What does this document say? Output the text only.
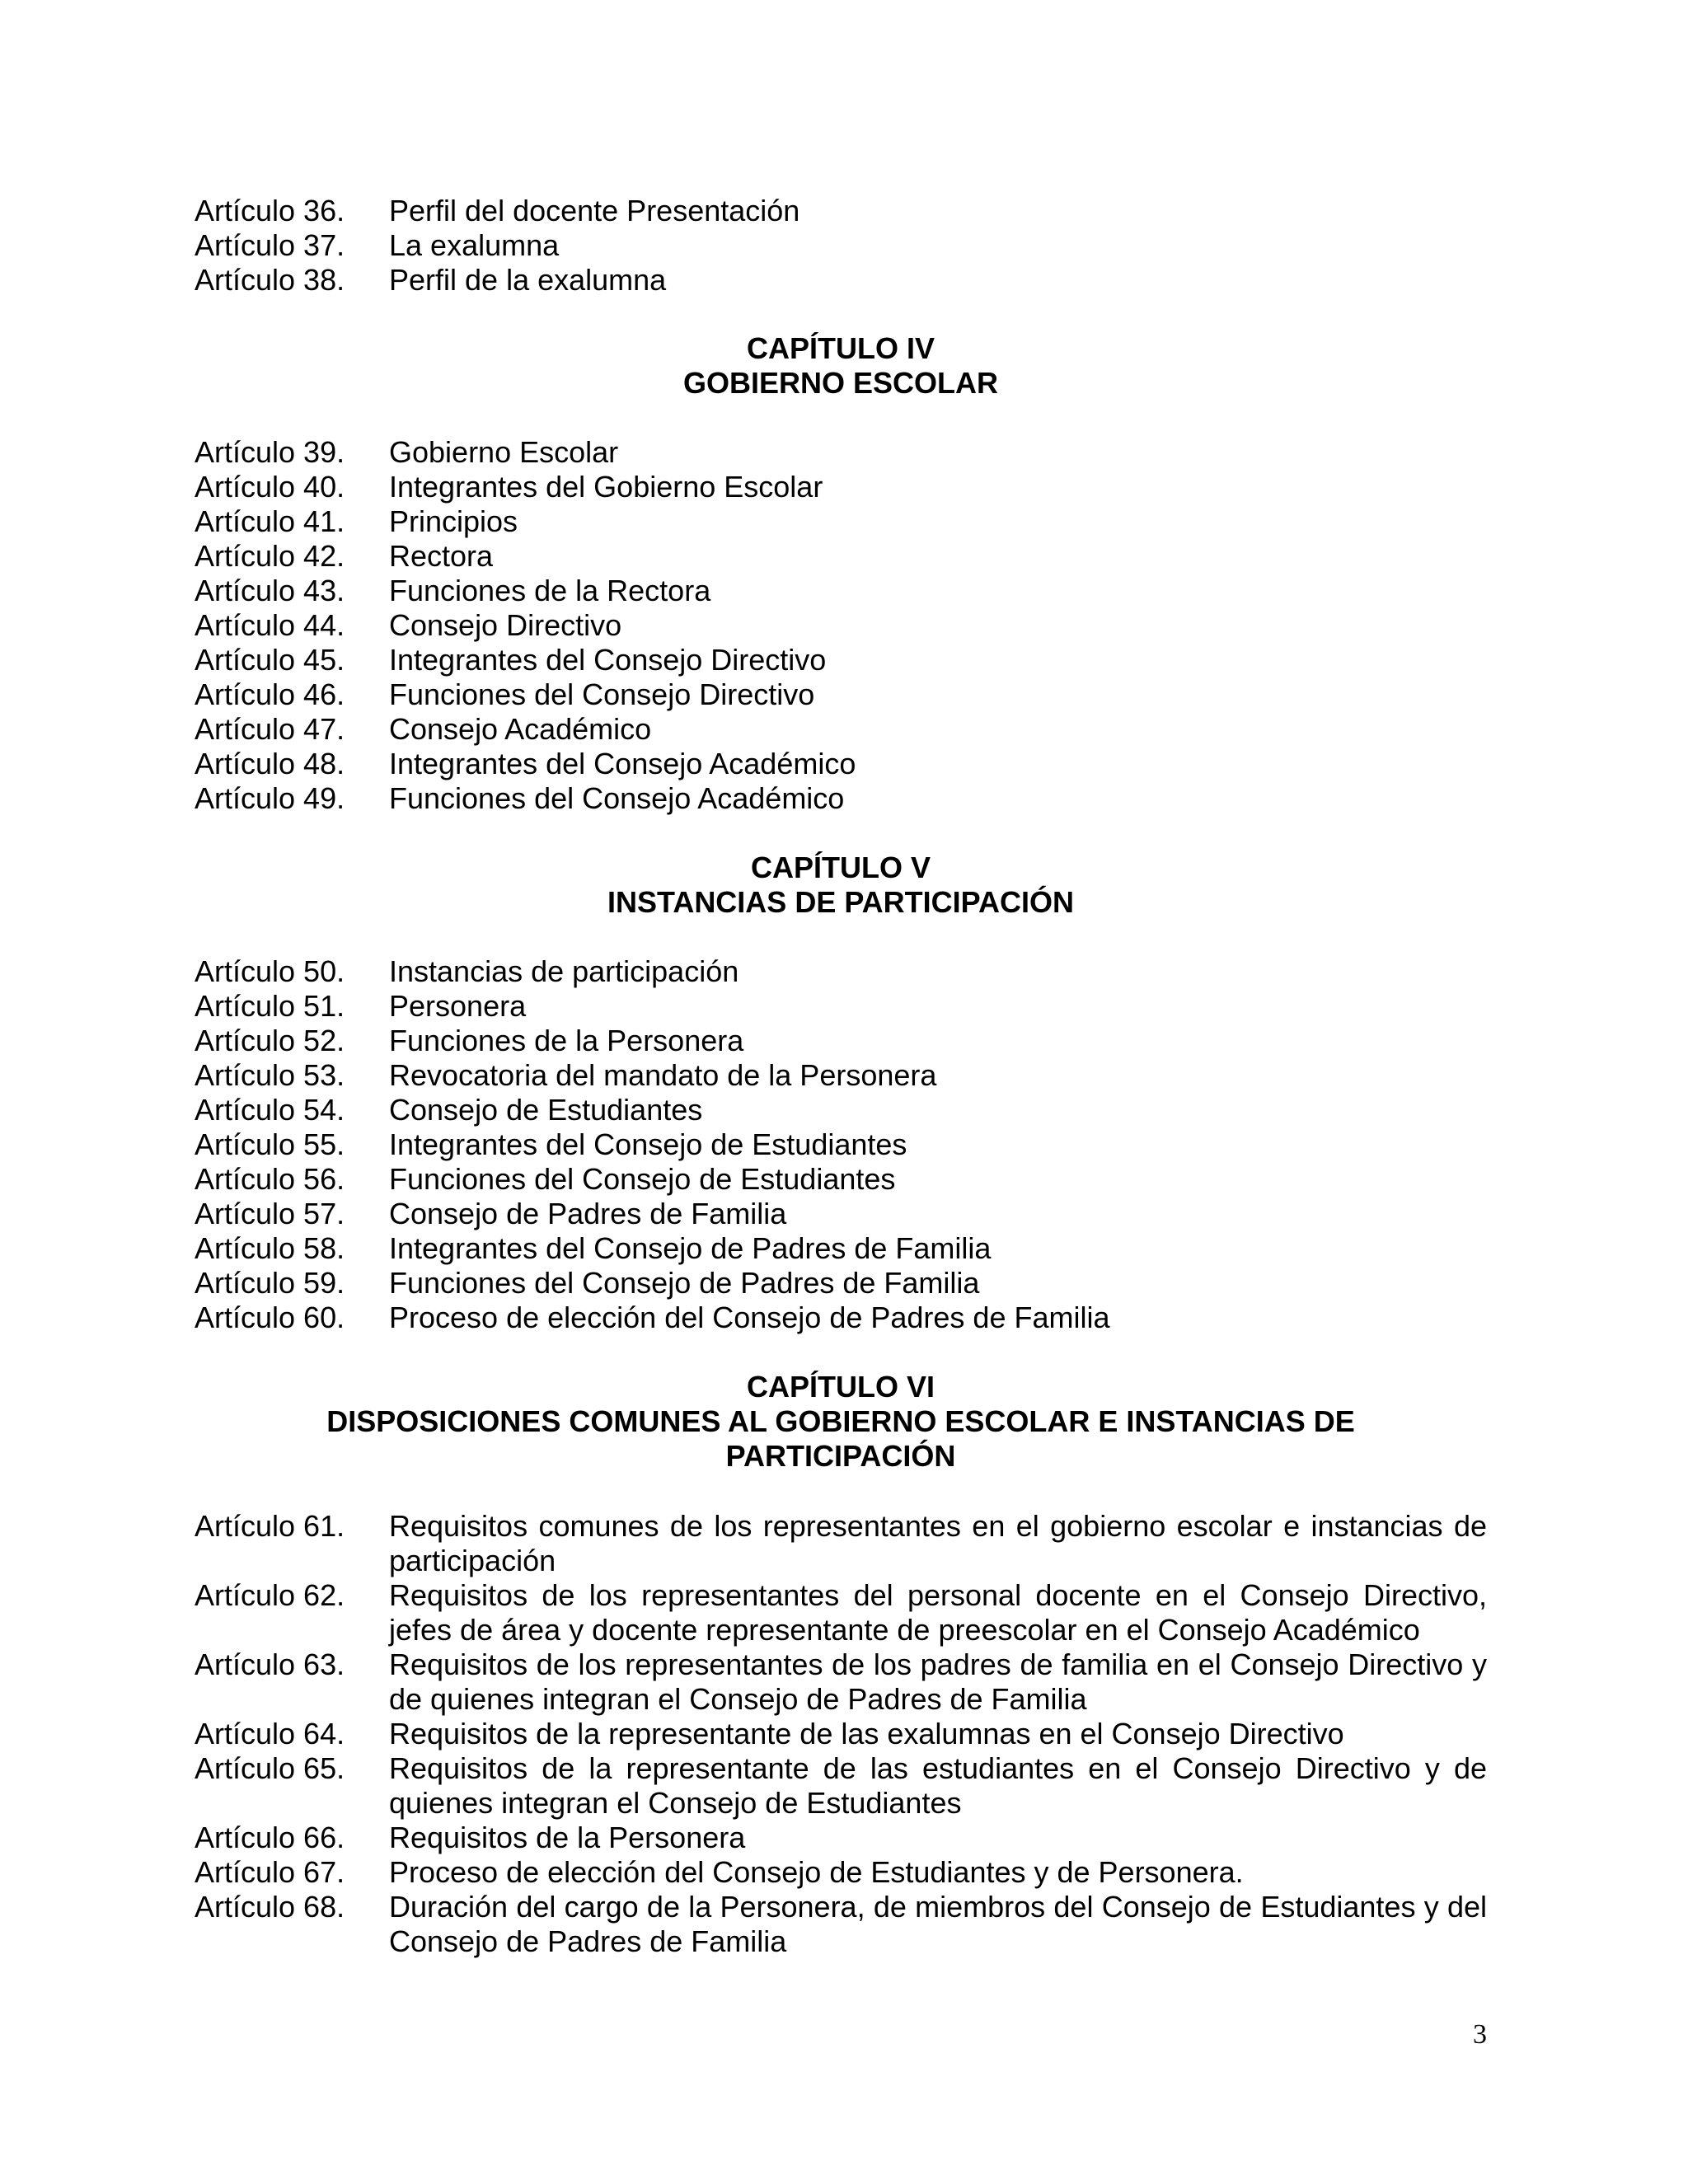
Artículo 36.	Perfil del docente Presentación
Artículo 37.	La exalumna
Artículo 38.	Perfil de la exalumna
CAPÍTULO IV
GOBIERNO ESCOLAR
Artículo 39.	Gobierno Escolar
Artículo 40.	Integrantes del Gobierno Escolar
Artículo 41.	Principios
Artículo 42.	Rectora
Artículo 43.	Funciones de la Rectora
Artículo 44.	Consejo Directivo
Artículo 45.	Integrantes del Consejo Directivo
Artículo 46.	Funciones del Consejo Directivo
Artículo 47.	Consejo Académico
Artículo 48.	Integrantes del Consejo Académico
Artículo 49.	Funciones del Consejo Académico
CAPÍTULO V
INSTANCIAS DE PARTICIPACIÓN
Artículo 50.	Instancias de participación
Artículo 51.	Personera
Artículo 52.	Funciones de la Personera
Artículo 53.	Revocatoria del mandato de la Personera
Artículo 54.	Consejo de Estudiantes
Artículo 55.	Integrantes del Consejo de Estudiantes
Artículo 56.	Funciones del Consejo de Estudiantes
Artículo 57.	Consejo de Padres de Familia
Artículo 58.	Integrantes del Consejo de Padres de Familia
Artículo 59.	Funciones del Consejo de Padres de Familia
Artículo 60.	Proceso de elección del Consejo de Padres de Familia
CAPÍTULO VI
DISPOSICIONES COMUNES AL GOBIERNO ESCOLAR E INSTANCIAS DE
PARTICIPACIÓN
Artículo 61.	Requisitos comunes de los representantes en el gobierno escolar e instancias de participación
Artículo 62.	Requisitos de los representantes del personal docente en el Consejo Directivo, jefes de área y docente representante de preescolar en el Consejo Académico
Artículo 63.	Requisitos de los representantes de los padres de familia en el Consejo Directivo y de quienes integran el Consejo de Padres de Familia
Artículo 64.	Requisitos de la representante de las exalumnas en el Consejo Directivo
Artículo 65.	Requisitos de la representante de las estudiantes en el Consejo Directivo y de quienes integran el Consejo de Estudiantes
Artículo 66.	Requisitos de la Personera
Artículo 67.	Proceso de elección del Consejo de Estudiantes y de Personera.
Artículo 68.	Duración del cargo de la Personera, de miembros del Consejo de Estudiantes y del Consejo de Padres de Familia
3
